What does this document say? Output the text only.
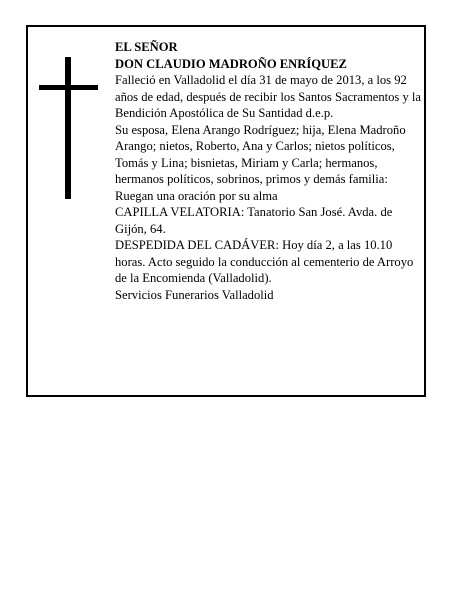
EL SEÑOR
DON CLAUDIO MADROÑO ENRÍQUEZ

Falleció en Valladolid el día 31 de mayo de 2013, a los 92 años de edad, después de recibir los Santos Sacramentos y la Bendición Apostólica de Su Santidad d.e.p.

Su esposa, Elena Arango Rodríguez; hija, Elena Madroño Arango; nietos, Roberto, Ana y Carlos; nietos políticos, Tomás y Lina; bisnietas, Miriam y Carla; hermanos, hermanos políticos, sobrinos, primos y demás familia:

Ruegan una oración por su alma

CAPILLA VELATORIA: Tanatorio San José. Avda. de Gijón, 64.

DESPEDIDA DEL CADÁVER: Hoy día 2, a las 10.10 horas. Acto seguido la conducción al cementerio de Arroyo de la Encomienda (Valladolid).

Servicios Funerarios Valladolid
